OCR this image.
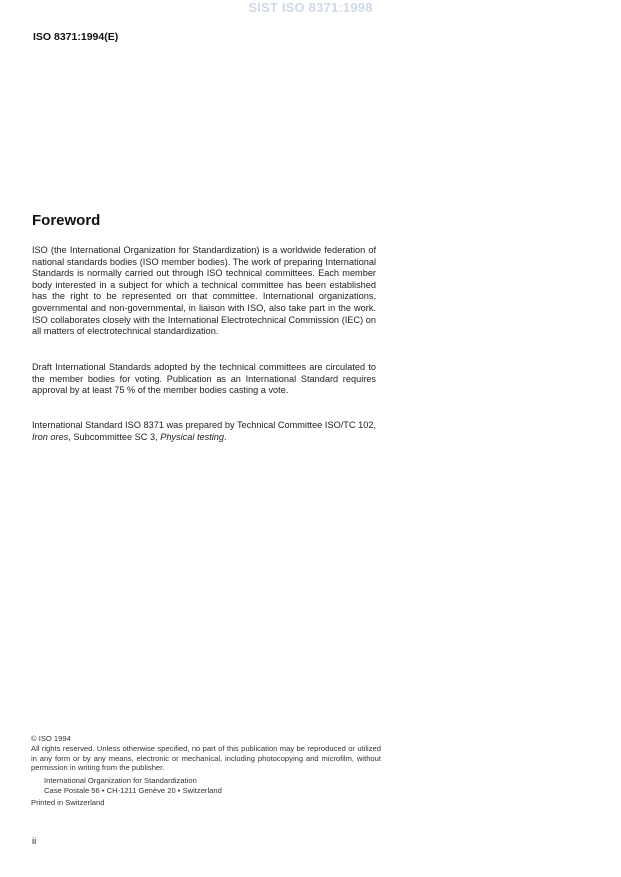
SIST ISO 8371:1998
ISO 8371:1994(E)
Foreword
ISO (the International Organization for Standardization) is a worldwide federation of national standards bodies (ISO member bodies). The work of preparing International Standards is normally carried out through ISO technical committees. Each member body interested in a subject for which a technical committee has been established has the right to be represented on that committee. International organizations, governmental and non-governmental, in liaison with ISO, also take part in the work. ISO collaborates closely with the International Electrotechnical Commission (IEC) on all matters of electrotechnical standardization.
Draft International Standards adopted by the technical committees are circulated to the member bodies for voting. Publication as an International Standard requires approval by at least 75 % of the member bodies casting a vote.
International Standard ISO 8371 was prepared by Technical Committee ISO/TC 102, Iron ores, Subcommittee SC 3, Physical testing.
© ISO 1994
All rights reserved. Unless otherwise specified, no part of this publication may be reproduced or utilized in any form or by any means, electronic or mechanical, including photocopying and microfilm, without permission in writing from the publisher.
International Organization for Standardization
Case Postale 56 • CH-1211 Genève 20 • Switzerland
Printed in Switzerland
ii
